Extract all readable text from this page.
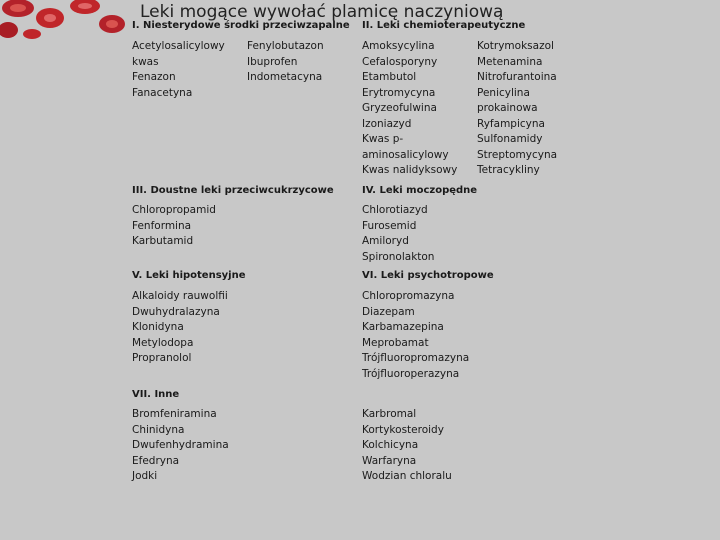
Leki mogące wywołać plamicę naczyniową
I. Niesterydowe środki przeciwzapalne
Acetylosalicylowy
kwas
Fenazon
Fanacetyna
Fenylobutazon
Ibuprofen
Indometacyna
II. Leki chemioterapeutyczne
Amoksycylina
Cefalosporyny
Etambutol
Erytromycyna
Gryzeofulwina
Izoniazyd
Kwas p-
aminosalicylowy
Kwas nalidyksowy
Kotrymoksazol
Metenamina
Nitrofurantoina
Penicylina
prokainowa
Ryfampicyna
Sulfonamidy
Streptomycyna
Tetracykliny
III. Doustne leki przeciwcukrzycowe
Chloropropamid
Fenformina
Karbutamid
IV. Leki moczopędne
Chlorotiazyd
Furosemid
Amiloryd
Spironolakton
V. Leki hipotensyjne
Alkaloidy rauwolfii
Dwuhydralazyna
Klonidyna
Metylodopa
Propranolol
VI. Leki psychotropowe
Chloropromazyna
Diazepam
Karbamazepina
Meprobamat
Trójfluoropromazyna
Trójfluoroperazyna
VII. Inne
Bromfeniramina
Chinidyna
Dwufenhydramina
Efedryna
Jodki
Karbromal
Kortykosteroidy
Kolchicyna
Warfaryna
Wodzian chloralu
